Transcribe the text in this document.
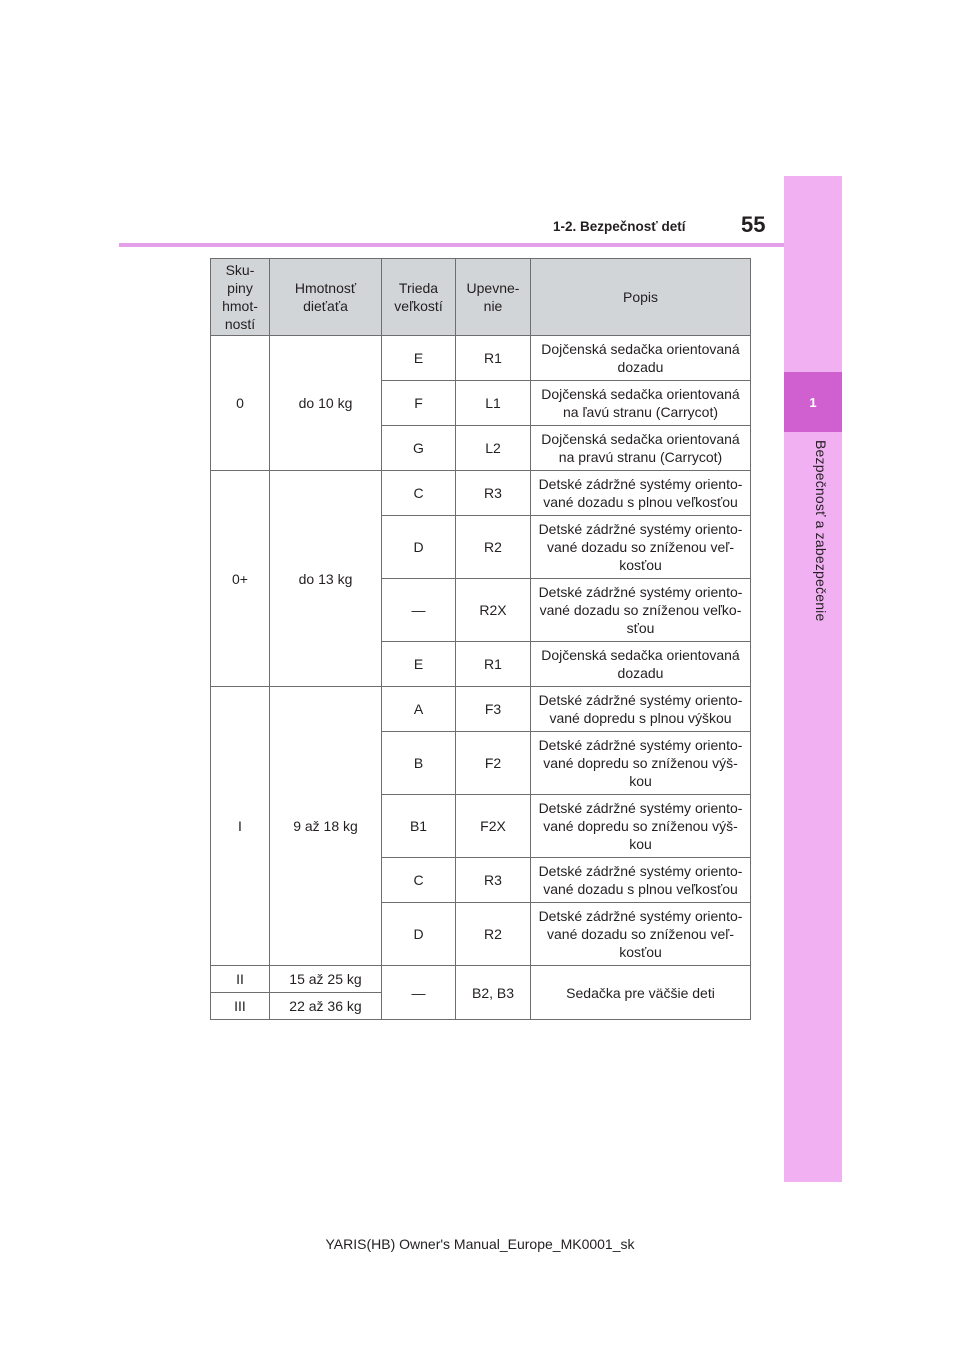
1
Bezpečnosť a zabezpečenie
55
1-2. Bezpečnosť detí
Sku-piny hmot-ností	Hmotnosť dieťaťa	Trieda veľkostí	Upevne-nie	Popis
0	do 10 kg	E	R1	Dojčenská sedačka orientovaná dozadu
		F	L1	Dojčenská sedačka orientovaná na ľavú stranu (Carrycot)
		G	L2	Dojčenská sedačka orientovaná na pravú stranu (Carrycot)
0+	do 13 kg	C	R3	Detské zádržné systémy oriento-vané dozadu s plnou veľkosťou
		D	R2	Detské zádržné systémy oriento-vané dozadu so zníženou veľ-kosťou
		—	R2X	Detské zádržné systémy oriento-vané dozadu so zníženou veľko-sťou
		E	R1	Dojčenská sedačka orientovaná dozadu
I	9 až 18 kg	A	F3	Detské zádržné systémy oriento-vané dopredu s plnou výškou
		B	F2	Detské zádržné systémy oriento-vané dopredu so zníženou výš-kou
		B1	F2X	Detské zádržné systémy oriento-vané dopredu so zníženou výš-kou
		C	R3	Detské zádržné systémy oriento-vané dozadu s plnou veľkosťou
		D	R2	Detské zádržné systémy oriento-vané dozadu so zníženou veľ-kosťou
II	15 až 25 kg	—	B2, B3	Sedačka pre väčšie deti
III	22 až 36 kg			
YARIS(HB) Owner's Manual_Europe_MK0001_sk
